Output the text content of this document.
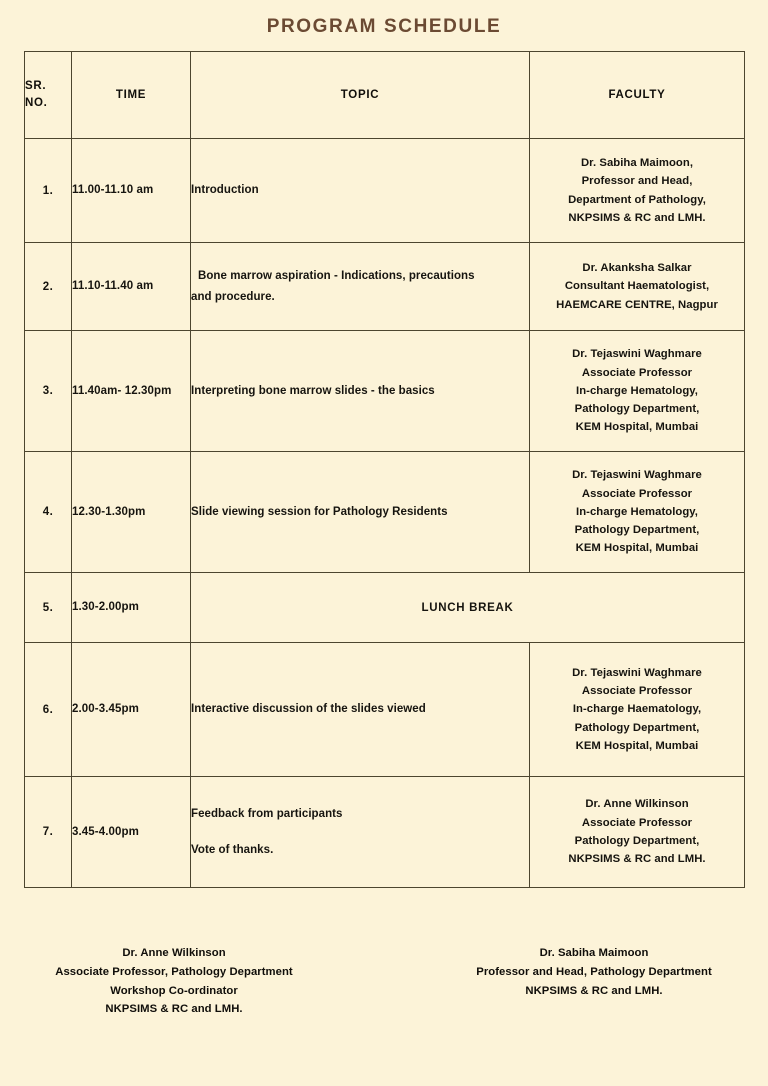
PROGRAM SCHEDULE
SR.
NO.	TIME	TOPIC	FACULTY
1.	11.00-11.10 am	Introduction	Dr. Sabiha Maimoon,
Professor and Head,
Department of Pathology,
NKPSIMS & RC and LMH.

2.	11.10-11.40 am	Bone marrow aspiration - Indications, precautions
and procedure.	Dr. Akanksha Salkar
Consultant Haematologist,
HAEMCARE CENTRE, Nagpur

3.	11.40am- 12.30pm	Interpreting bone marrow slides - the basics	Dr. Tejaswini Waghmare
Associate Professor
In-charge Hematology,
Pathology Department,
KEM Hospital, Mumbai

4.	12.30-1.30pm	Slide viewing session for Pathology Residents	Dr. Tejaswini Waghmare
Associate Professor
In-charge Hematology,
Pathology Department,
KEM Hospital, Mumbai

5.	1.30-2.00pm	LUNCH BREAK	
6.	2.00-3.45pm	Interactive discussion of the slides viewed	Dr. Tejaswini Waghmare
Associate Professor
In-charge Haematology,
Pathology Department,
KEM Hospital, Mumbai

7.	3.45-4.00pm	Feedback from participants
Vote of thanks.	Dr. Anne Wilkinson
Associate Professor
Pathology Department,
NKPSIMS & RC and LMH.
Dr. Anne Wilkinson
Associate Professor, Pathology Department
Workshop Co-ordinator
NKPSIMS & RC and LMH.
Dr. Sabiha Maimoon
Professor and Head, Pathology Department
NKPSIMS & RC and LMH.
